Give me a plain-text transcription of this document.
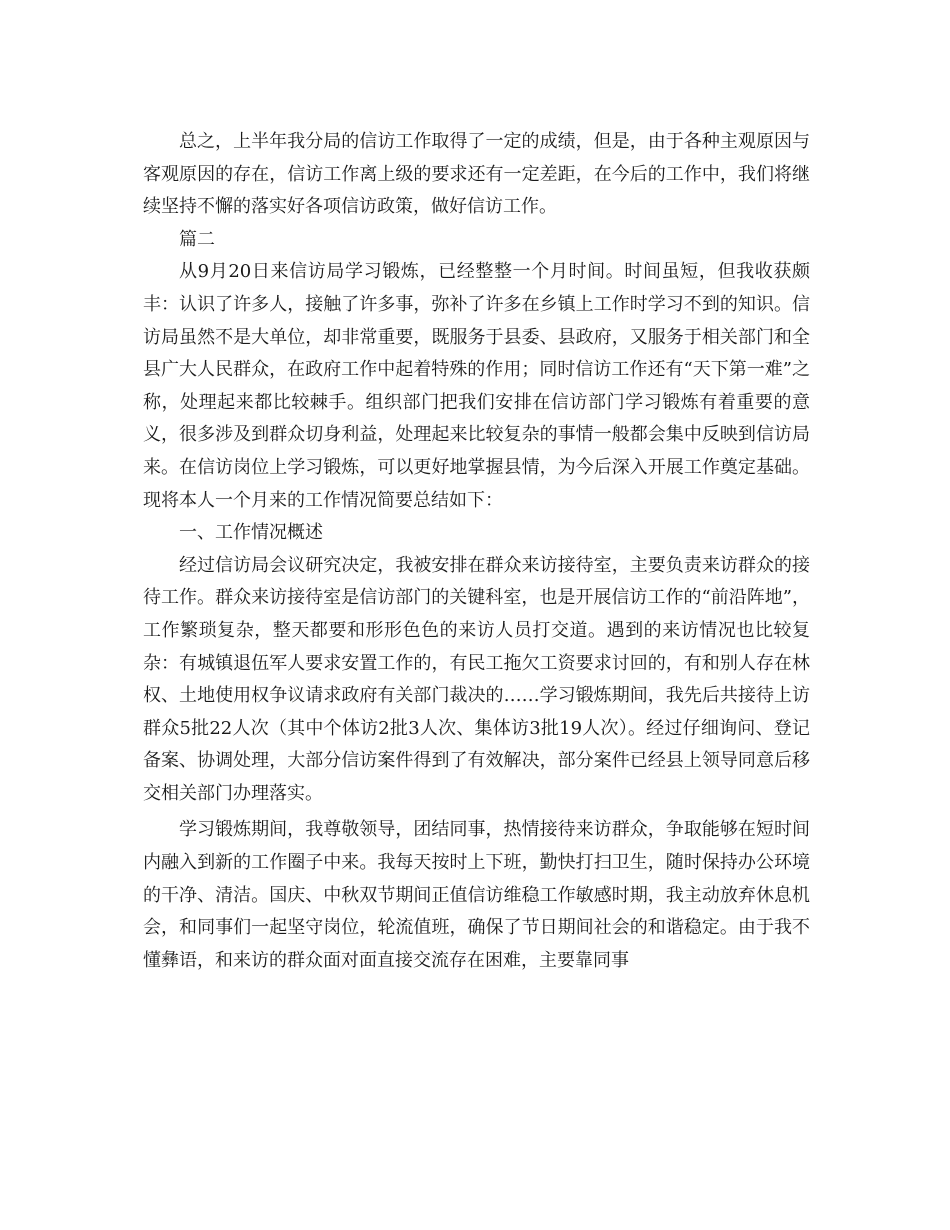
总之，上半年我分局的信访工作取得了一定的成绩，但是，由于各种主观原因与客观原因的存在，信访工作离上级的要求还有一定差距，在今后的工作中，我们将继续坚持不懈的落实好各项信访政策，做好信访工作。

篇二

从9月20日来信访局学习锻炼，已经整整一个月时间。时间虽短，但我收获颇丰：认识了许多人，接触了许多事，弥补了许多在乡镇上工作时学习不到的知识。信访局虽然不是大单位，却非常重要，既服务于县委、县政府，又服务于相关部门和全县广大人民群众，在政府工作中起着特殊的作用；同时信访工作还有“天下第一难”之称，处理起来都比较棘手。组织部门把我们安排在信访部门学习锻炼有着重要的意义，很多涉及到群众切身利益，处理起来比较复杂的事情一般都会集中反映到信访局来。在信访岗位上学习锻炼，可以更好地掌握县情，为今后深入开展工作奠定基础。现将本人一个月来的工作情况简要总结如下：

一、工作情况概述

经过信访局会议研究决定，我被安排在群众来访接待室，主要负责来访群众的接待工作。群众来访接待室是信访部门的关键科室，也是开展信访工作的“前沿阵地”，工作繁琐复杂，整天都要和形形色色的来访人员打交道。遇到的来访情况也比较复杂：有城镇退伍军人要求安置工作的，有民工拖欠工资要求讨回的，有和别人存在林权、土地使用权争议请求政府有关部门裁决的……学习锻炼期间，我先后共接待上访群众5批22人次（其中个体访2批3人次、集体访3批19人次）。经过仔细询问、登记备案、协调处理，大部分信访案件得到了有效解决，部分案件已经县上领导同意后移交相关部门办理落实。

学习锻炼期间，我尊敬领导，团结同事，热情接待来访群众，争取能够在短时间内融入到新的工作圈子中来。我每天按时上下班，勤快打扫卫生，随时保持办公环境的干净、清洁。国庆、中秋双节期间正值信访维稳工作敏感时期，我主动放弃休息机会，和同事们一起坚守岗位，轮流值班，确保了节日期间社会的和谐稳定。由于我不懂彝语，和来访的群众面对面直接交流存在困难，主要靠同事
